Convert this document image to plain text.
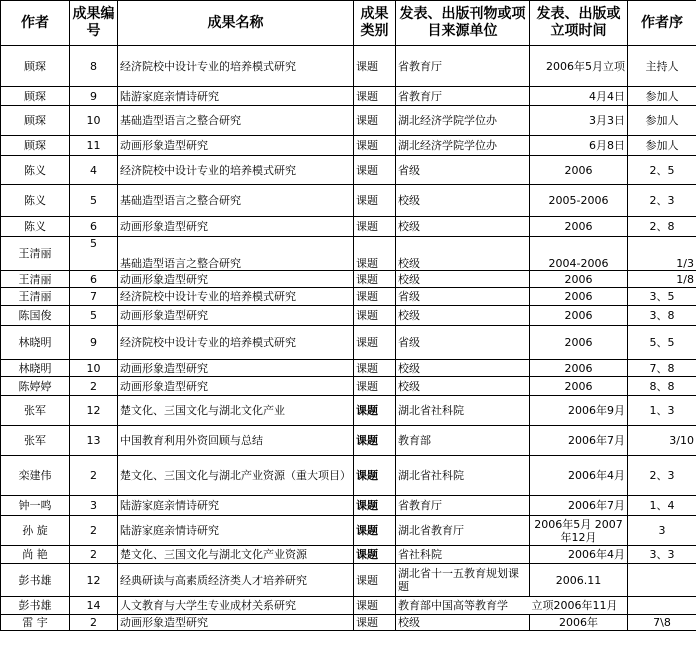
作者	成果编号	成果名称	成果类别	发表、出版刊物或项目来源单位	发表、出版或立项时间	作者序
顾琛	8	经济院校中设计专业的培养模式研究	课题	省教育厅	2006年5月立项	主持人
顾琛	9	陆游家庭亲情诗研究	课题	省教育厅	4月4日	参加人
顾琛	10	基础造型语言之整合研究	课题	湖北经济学院学位办	3月3日	参加人
顾琛	11	动画形象造型研究	课题	湖北经济学院学位办	6月8日	参加人
陈义	4	经济院校中设计专业的培养模式研究	课题	省级	2006	2、5
陈义	5	基础造型语言之整合研究	课题	校级	2005-2006	2、3
陈义	6	动画形象造型研究	课题	校级	2006	2、8
王清丽	5	基础造型语言之整合研究	课题	校级	2004-2006	1/3
王清丽	6	动画形象造型研究	课题	校级	2006	1/8
王清丽	7	经济院校中设计专业的培养模式研究	课题	省级	2006	3、5
陈国俊	5	动画形象造型研究	课题	校级	2006	3、8
林晓明	9	经济院校中设计专业的培养模式研究	课题	省级	2006	5、5
林晓明	10	动画形象造型研究	课题	校级	2006	7、8
陈婷婷	2	动画形象造型研究	课题	校级	2006	8、8
张军	12	楚文化、三国文化与湖北文化产业	课题	湖北省社科院	2006年9月	1、3
张军	13	中国教育利用外资回顾与总结	课题	教育部	2006年7月	3/10
栾建伟	2	楚文化、三国文化与湖北产业资源（重大项目）	课题	湖北省社科院	2006年4月	2、3
钟一鸣	3	陆游家庭亲情诗研究	课题	省教育厅	2006年7月	1、4
孙 旋	2	陆游家庭亲情诗研究	课题	湖北省教育厅	2006年5月 2007年12月	3
尚 艳	2	楚文化、三国文化与湖北文化产业资源	课题	省社科院	2006年4月	3、3
彭书雄	12	经典研读与高素质经济类人才培养研究	课题	湖北省十一五教育规划课题	2006.11	
彭书雄	14	人文教育与大学生专业成材关系研究	课题	教育部中国高等教育学	立项2006年11月	
雷 宇	2	动画形象造型研究	课题	校级	2006年	7\8
